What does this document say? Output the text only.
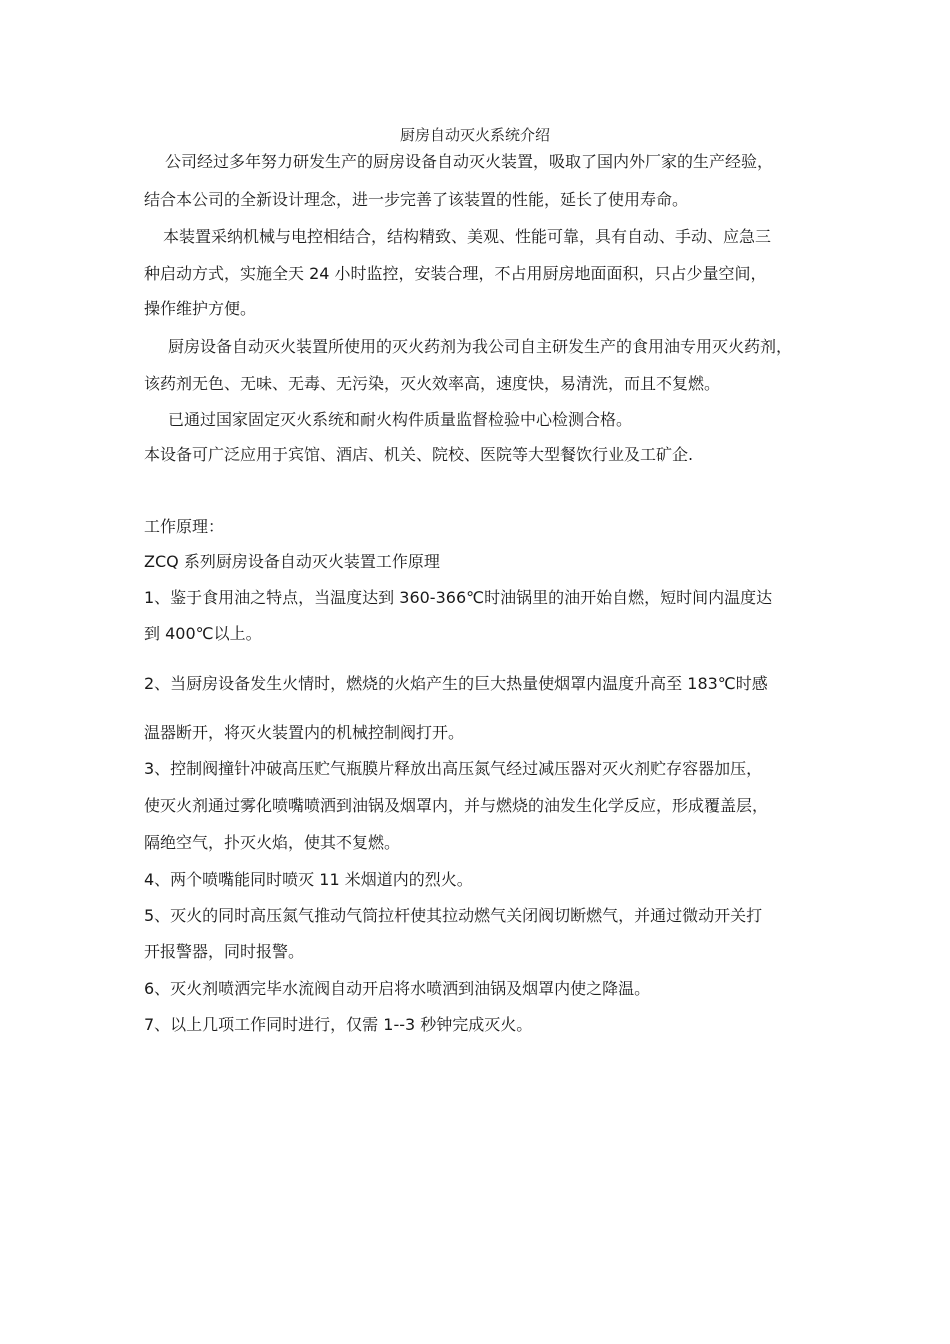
厨房自动灭火系统介绍
公司经过多年努力研发生产的厨房设备自动灭火装置，吸取了国内外厂家的生产经验，
结合本公司的全新设计理念，进一步完善了该装置的性能，延长了使用寿命。
本装置采纳机械与电控相结合，结构精致、美观、性能可靠，具有自动、手动、应急三
种启动方式，实施全天 24 小时监控，安装合理，不占用厨房地面面积，只占少量空间，
操作维护方便。
厨房设备自动灭火装置所使用的灭火药剂为我公司自主研发生产的食用油专用灭火药剂，
该药剂无色、无味、无毒、无污染，灭火效率高，速度快，易清洗，而且不复燃。
已通过国家固定灭火系统和耐火构件质量监督检验中心检测合格。
本设备可广泛应用于宾馆、酒店、机关、院校、医院等大型餐饮行业及工矿企.
工作原理：
ZCQ 系列厨房设备自动灭火装置工作原理
1、鉴于食用油之特点，当温度达到 360-366℃时油锅里的油开始自燃，短时间内温度达
到 400℃以上。
2、当厨房设备发生火情时，燃烧的火焰产生的巨大热量使烟罩内温度升高至 183℃时感
温器断开，将灭火装置内的机械控制阀打开。
3、控制阀撞针冲破高压贮气瓶膜片释放出高压氮气经过减压器对灭火剂贮存容器加压，
使灭火剂通过雾化喷嘴喷洒到油锅及烟罩内，并与燃烧的油发生化学反应，形成覆盖层，
隔绝空气，扑灭火焰，使其不复燃。
4、两个喷嘴能同时喷灭 11 米烟道内的烈火。
5、灭火的同时高压氮气推动气筒拉杆使其拉动燃气关闭阀切断燃气，并通过微动开关打
开报警器，同时报警。
6、灭火剂喷洒完毕水流阀自动开启将水喷洒到油锅及烟罩内使之降温。
7、以上几项工作同时进行，仅需 1--3 秒钟完成灭火。
